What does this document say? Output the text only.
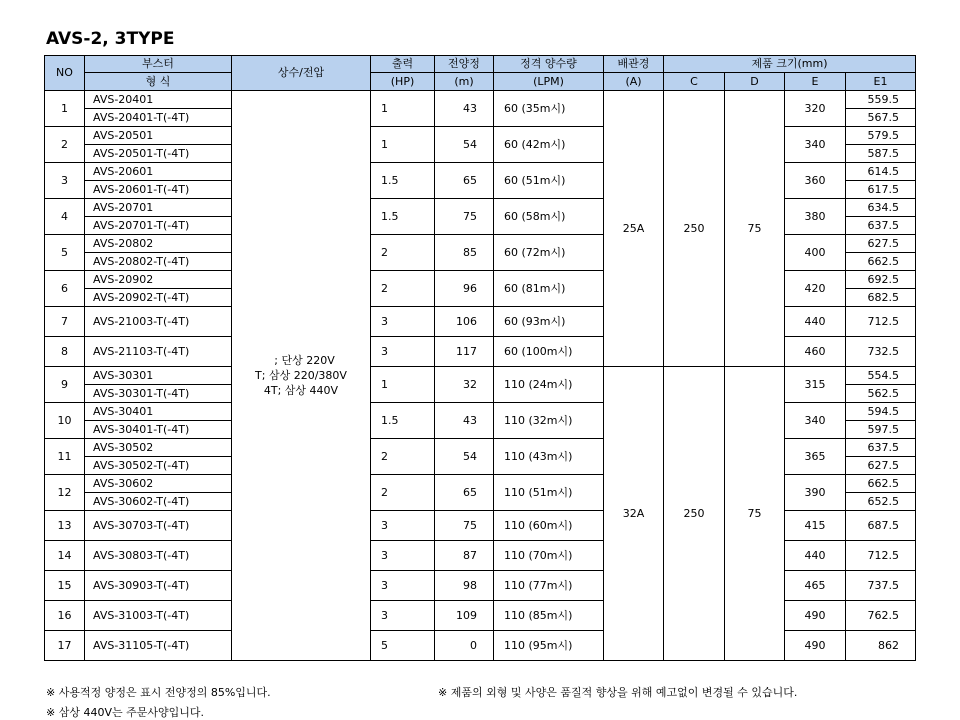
AVS-2, 3TYPE
NO	부스터	상수/전압	출력	전양정	정격 양수량	배관경	제품 크기(mm)			
	형 식		(HP)	(m)	(LPM)	(A)	C	D	E	E1
1	AVS-20401	; 단상 220V
T; 삼상 220/380V
4T; 삼상 440V	1	43	60 (35m시)	25A	250	75	320	559.5
	AVS-20401-T(-4T)									567.5
2	AVS-20501		1	54	60 (42m시)				340	579.5
	AVS-20501-T(-4T)									587.5
3	AVS-20601		1.5	65	60 (51m시)				360	614.5
	AVS-20601-T(-4T)									617.5
4	AVS-20701		1.5	75	60 (58m시)				380	634.5
	AVS-20701-T(-4T)									637.5
5	AVS-20802		2	85	60 (72m시)				400	627.5
	AVS-20802-T(-4T)									662.5
6	AVS-20902		2	96	60 (81m시)				420	692.5
	AVS-20902-T(-4T)									682.5
7	AVS-21003-T(-4T)		3	106	60 (93m시)				440	712.5
8	AVS-21103-T(-4T)		3	117	60 (100m시)				460	732.5
9	AVS-30301		1	32	110 (24m시)	32A	250	75	315	554.5
	AVS-30301-T(-4T)									562.5
10	AVS-30401		1.5	43	110 (32m시)				340	594.5
	AVS-30401-T(-4T)									597.5
11	AVS-30502		2	54	110 (43m시)				365	637.5
	AVS-30502-T(-4T)									627.5
12	AVS-30602		2	65	110 (51m시)				390	662.5
	AVS-30602-T(-4T)									652.5
13	AVS-30703-T(-4T)		3	75	110 (60m시)				415	687.5
14	AVS-30803-T(-4T)		3	87	110 (70m시)				440	712.5
15	AVS-30903-T(-4T)		3	98	110 (77m시)				465	737.5
16	AVS-31003-T(-4T)		3	109	110 (85m시)				490	762.5
17	AVS-31105-T(-4T)		5	0	110 (95m시)				490	862
※ 사용적정 양정은 표시 전양정의 85%입니다.	※ 제품의 외형 및 사양은 품질적 향상을 위해 예고없이 변경될 수 있습니다.
※ 삼상 440V는 주문사양입니다.
